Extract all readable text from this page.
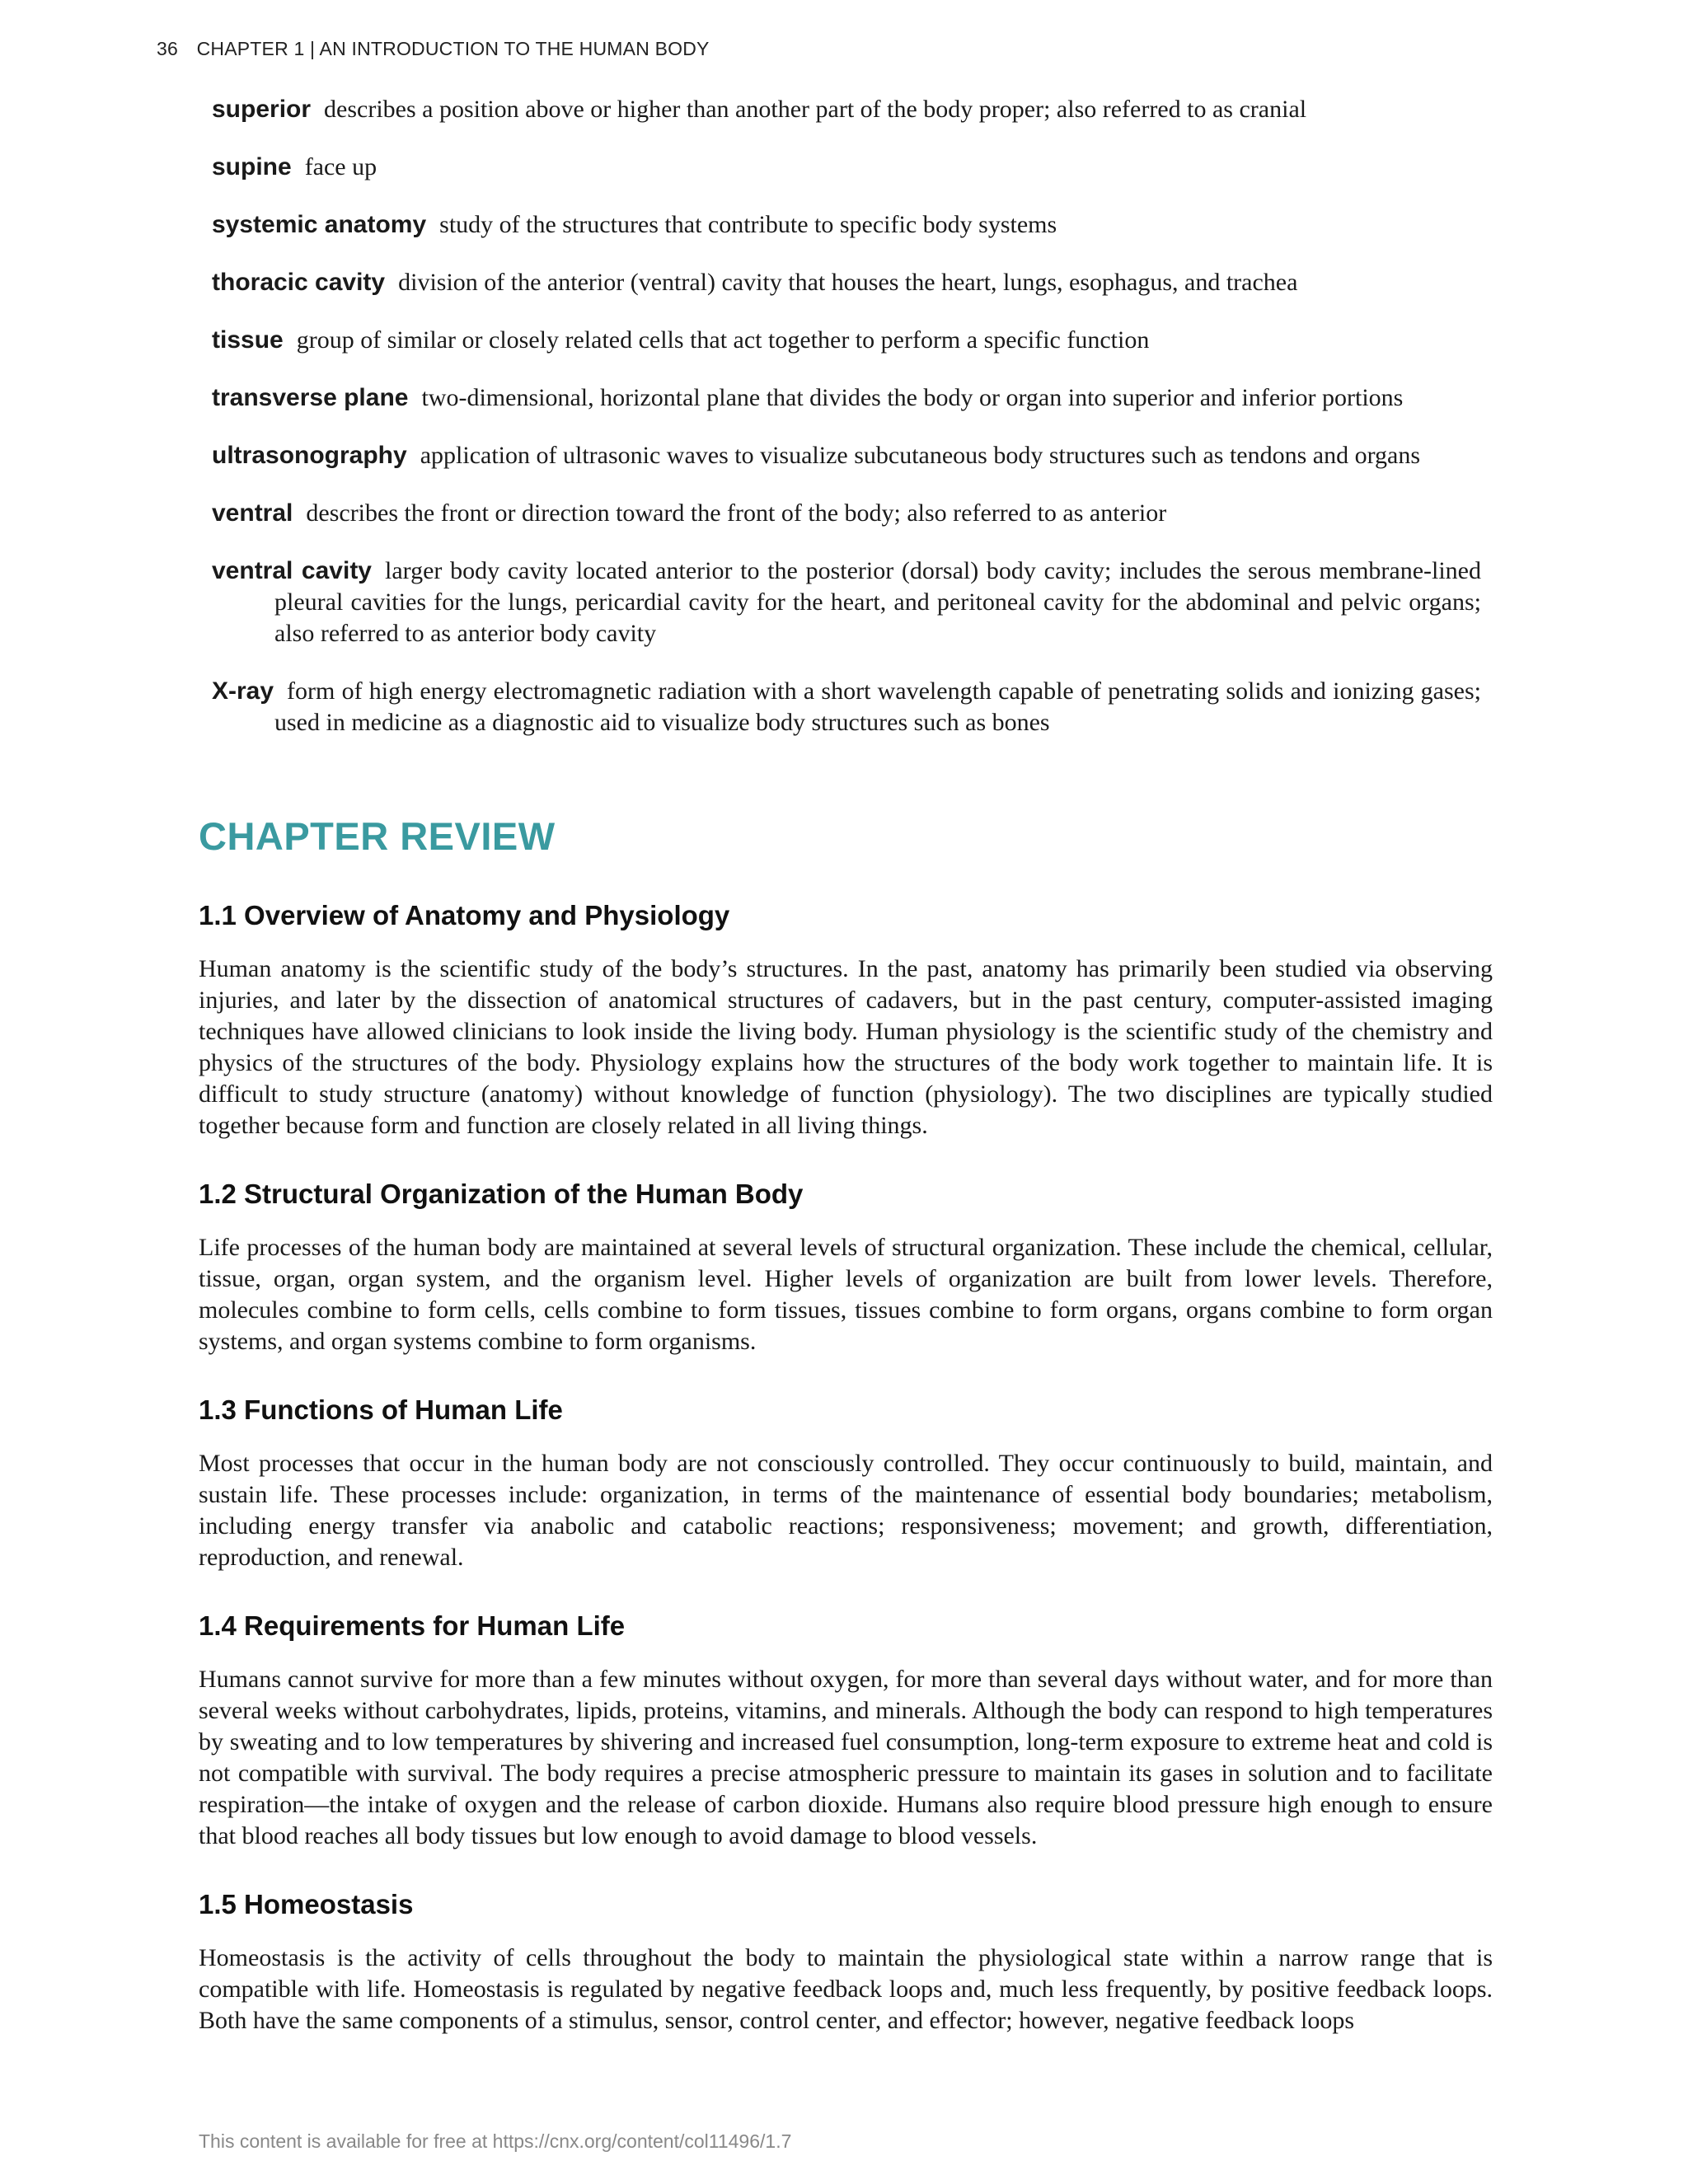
36 CHAPTER 1 | AN INTRODUCTION TO THE HUMAN BODY
superior describes a position above or higher than another part of the body proper; also referred to as cranial
supine face up
systemic anatomy study of the structures that contribute to specific body systems
thoracic cavity division of the anterior (ventral) cavity that houses the heart, lungs, esophagus, and trachea
tissue group of similar or closely related cells that act together to perform a specific function
transverse plane two-dimensional, horizontal plane that divides the body or organ into superior and inferior portions
ultrasonography application of ultrasonic waves to visualize subcutaneous body structures such as tendons and organs
ventral describes the front or direction toward the front of the body; also referred to as anterior
ventral cavity larger body cavity located anterior to the posterior (dorsal) body cavity; includes the serous membrane-lined pleural cavities for the lungs, pericardial cavity for the heart, and peritoneal cavity for the abdominal and pelvic organs; also referred to as anterior body cavity
X-ray form of high energy electromagnetic radiation with a short wavelength capable of penetrating solids and ionizing gases; used in medicine as a diagnostic aid to visualize body structures such as bones
CHAPTER REVIEW
1.1 Overview of Anatomy and Physiology

Human anatomy is the scientific study of the body’s structures. In the past, anatomy has primarily been studied via observing injuries, and later by the dissection of anatomical structures of cadavers, but in the past century, computer-assisted imaging techniques have allowed clinicians to look inside the living body. Human physiology is the scientific study of the chemistry and physics of the structures of the body. Physiology explains how the structures of the body work together to maintain life. It is difficult to study structure (anatomy) without knowledge of function (physiology). The two disciplines are typically studied together because form and function are closely related in all living things.

1.2 Structural Organization of the Human Body

Life processes of the human body are maintained at several levels of structural organization. These include the chemical, cellular, tissue, organ, organ system, and the organism level. Higher levels of organization are built from lower levels. Therefore, molecules combine to form cells, cells combine to form tissues, tissues combine to form organs, organs combine to form organ systems, and organ systems combine to form organisms.

1.3 Functions of Human Life

Most processes that occur in the human body are not consciously controlled. They occur continuously to build, maintain, and sustain life. These processes include: organization, in terms of the maintenance of essential body boundaries; metabolism, including energy transfer via anabolic and catabolic reactions; responsiveness; movement; and growth, differentiation, reproduction, and renewal.

1.4 Requirements for Human Life

Humans cannot survive for more than a few minutes without oxygen, for more than several days without water, and for more than several weeks without carbohydrates, lipids, proteins, vitamins, and minerals. Although the body can respond to high temperatures by sweating and to low temperatures by shivering and increased fuel consumption, long-term exposure to extreme heat and cold is not compatible with survival. The body requires a precise atmospheric pressure to maintain its gases in solution and to facilitate respiration—the intake of oxygen and the release of carbon dioxide. Humans also require blood pressure high enough to ensure that blood reaches all body tissues but low enough to avoid damage to blood vessels.

1.5 Homeostasis

Homeostasis is the activity of cells throughout the body to maintain the physiological state within a narrow range that is compatible with life. Homeostasis is regulated by negative feedback loops and, much less frequently, by positive feedback loops. Both have the same components of a stimulus, sensor, control center, and effector; however, negative feedback loops

This content is available for free at https://cnx.org/content/col11496/1.7
